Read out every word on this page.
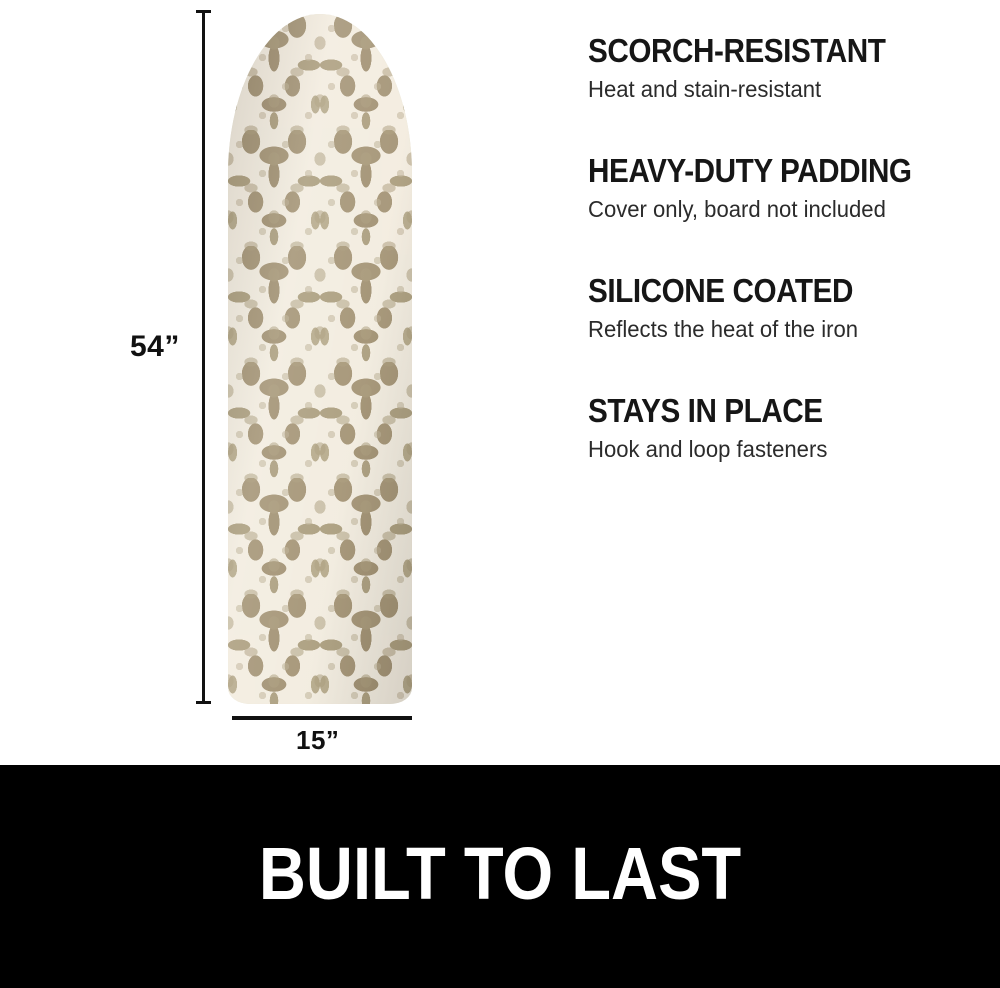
54”
15”
SCORCH-RESISTANT
Heat and stain-resistant
HEAVY-DUTY PADDING
Cover only, board not included
SILICONE COATED
Reflects the heat of the iron
STAYS IN PLACE
Hook and loop fasteners
BUILT TO LAST
